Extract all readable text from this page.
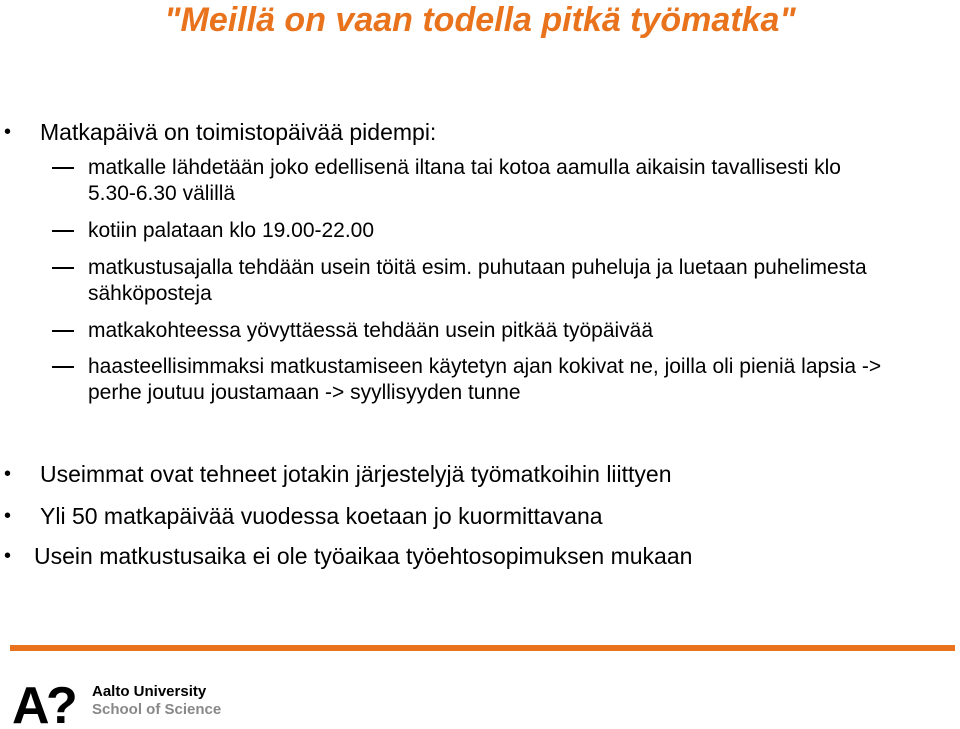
"Meillä on vaan todella pitkä työmatka"
•	Matkapäivä on toimistopäivää pidempi:
matkalle lähdetään joko edellisenä iltana tai kotoa aamulla aikaisin tavallisesti klo 5.30-6.30 välillä
kotiin palataan klo 19.00-22.00
matkustusajalla tehdään usein töitä esim. puhutaan puheluja ja luetaan puhelimesta sähköposteja
matkakohteessa yövyttäessä tehdään usein pitkää työpäivää
haasteellisimmaksi matkustamiseen käytetyn ajan kokivat ne, joilla oli pieniä lapsia -> perhe joutuu joustamaan -> syyllisyyden tunne
•	Useimmat ovat tehneet jotakin järjestelyjä työmatkoihin liittyen
•	Yli 50 matkapäivää vuodessa koetaan jo kuormittavana
• Usein matkustusaika ei ole työaikaa työehtosopimuksen mukaan
A
? Aalto University
School of Science
